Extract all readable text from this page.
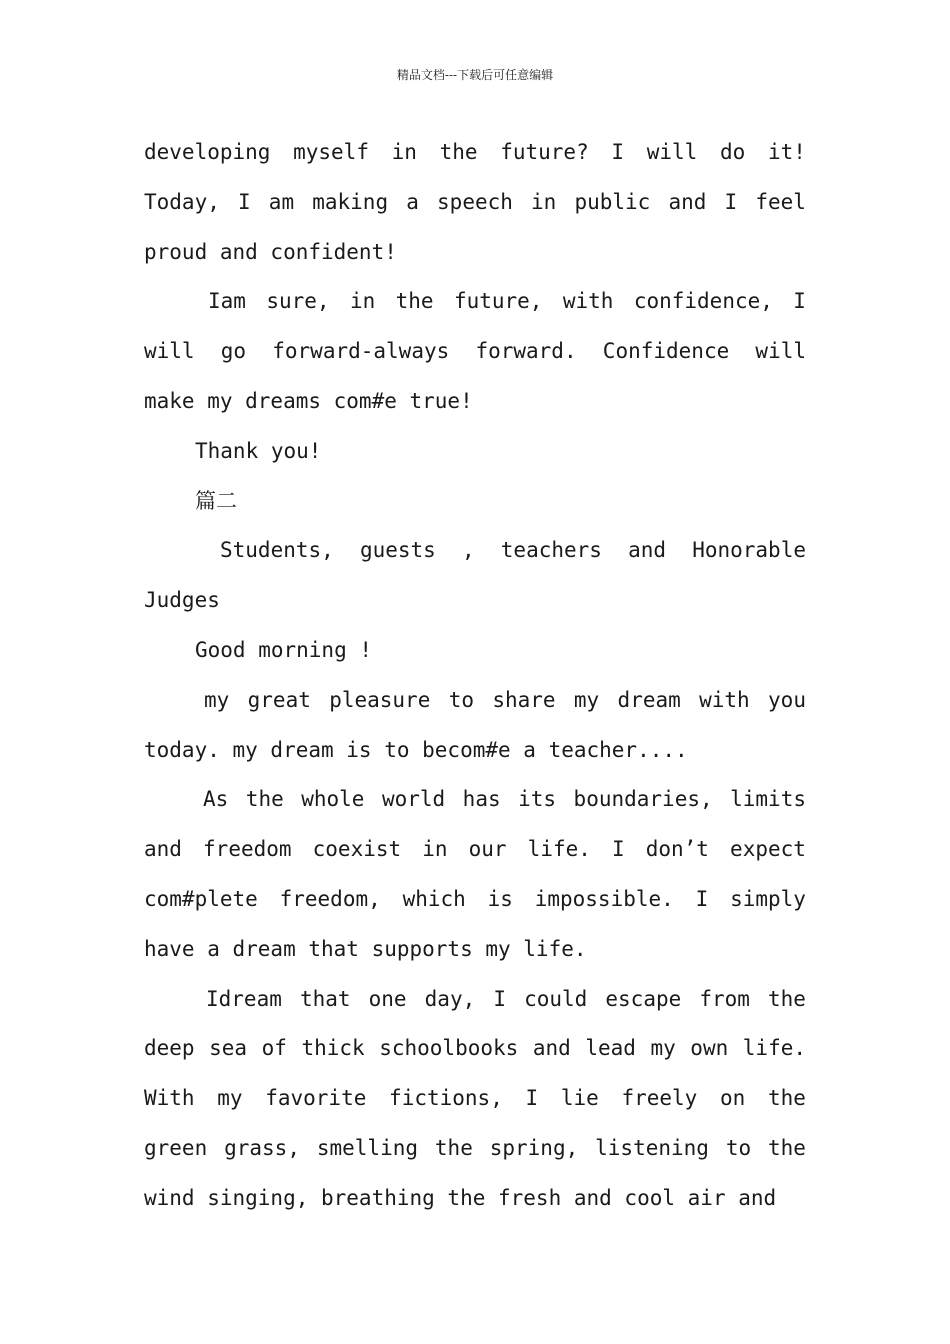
精品文档---下载后可任意编辑
developing myself in the future? I will do it!
Today, I am making a speech in public and I feel
proud and confident!
Iam sure, in the future, with confidence, I
will go forward-always forward. Confidence will
make my dreams com#e true!
Thank you!
篇二
Students, guests , teachers and Honorable
Judges
Good morning !
my great pleasure to share my dream with you
today. my dream is to becom#e a teacher....
As the whole world has its boundaries, limits
and freedom coexist in our life. I don’t expect
com#plete freedom, which is impossible. I simply
have a dream that supports my life.
Idream that one day, I could escape from the
deep sea of thick schoolbooks and lead my own life.
With my favorite fictions, I lie freely on the
green grass, smelling the spring, listening to the
wind singing, breathing the fresh and cool air and
